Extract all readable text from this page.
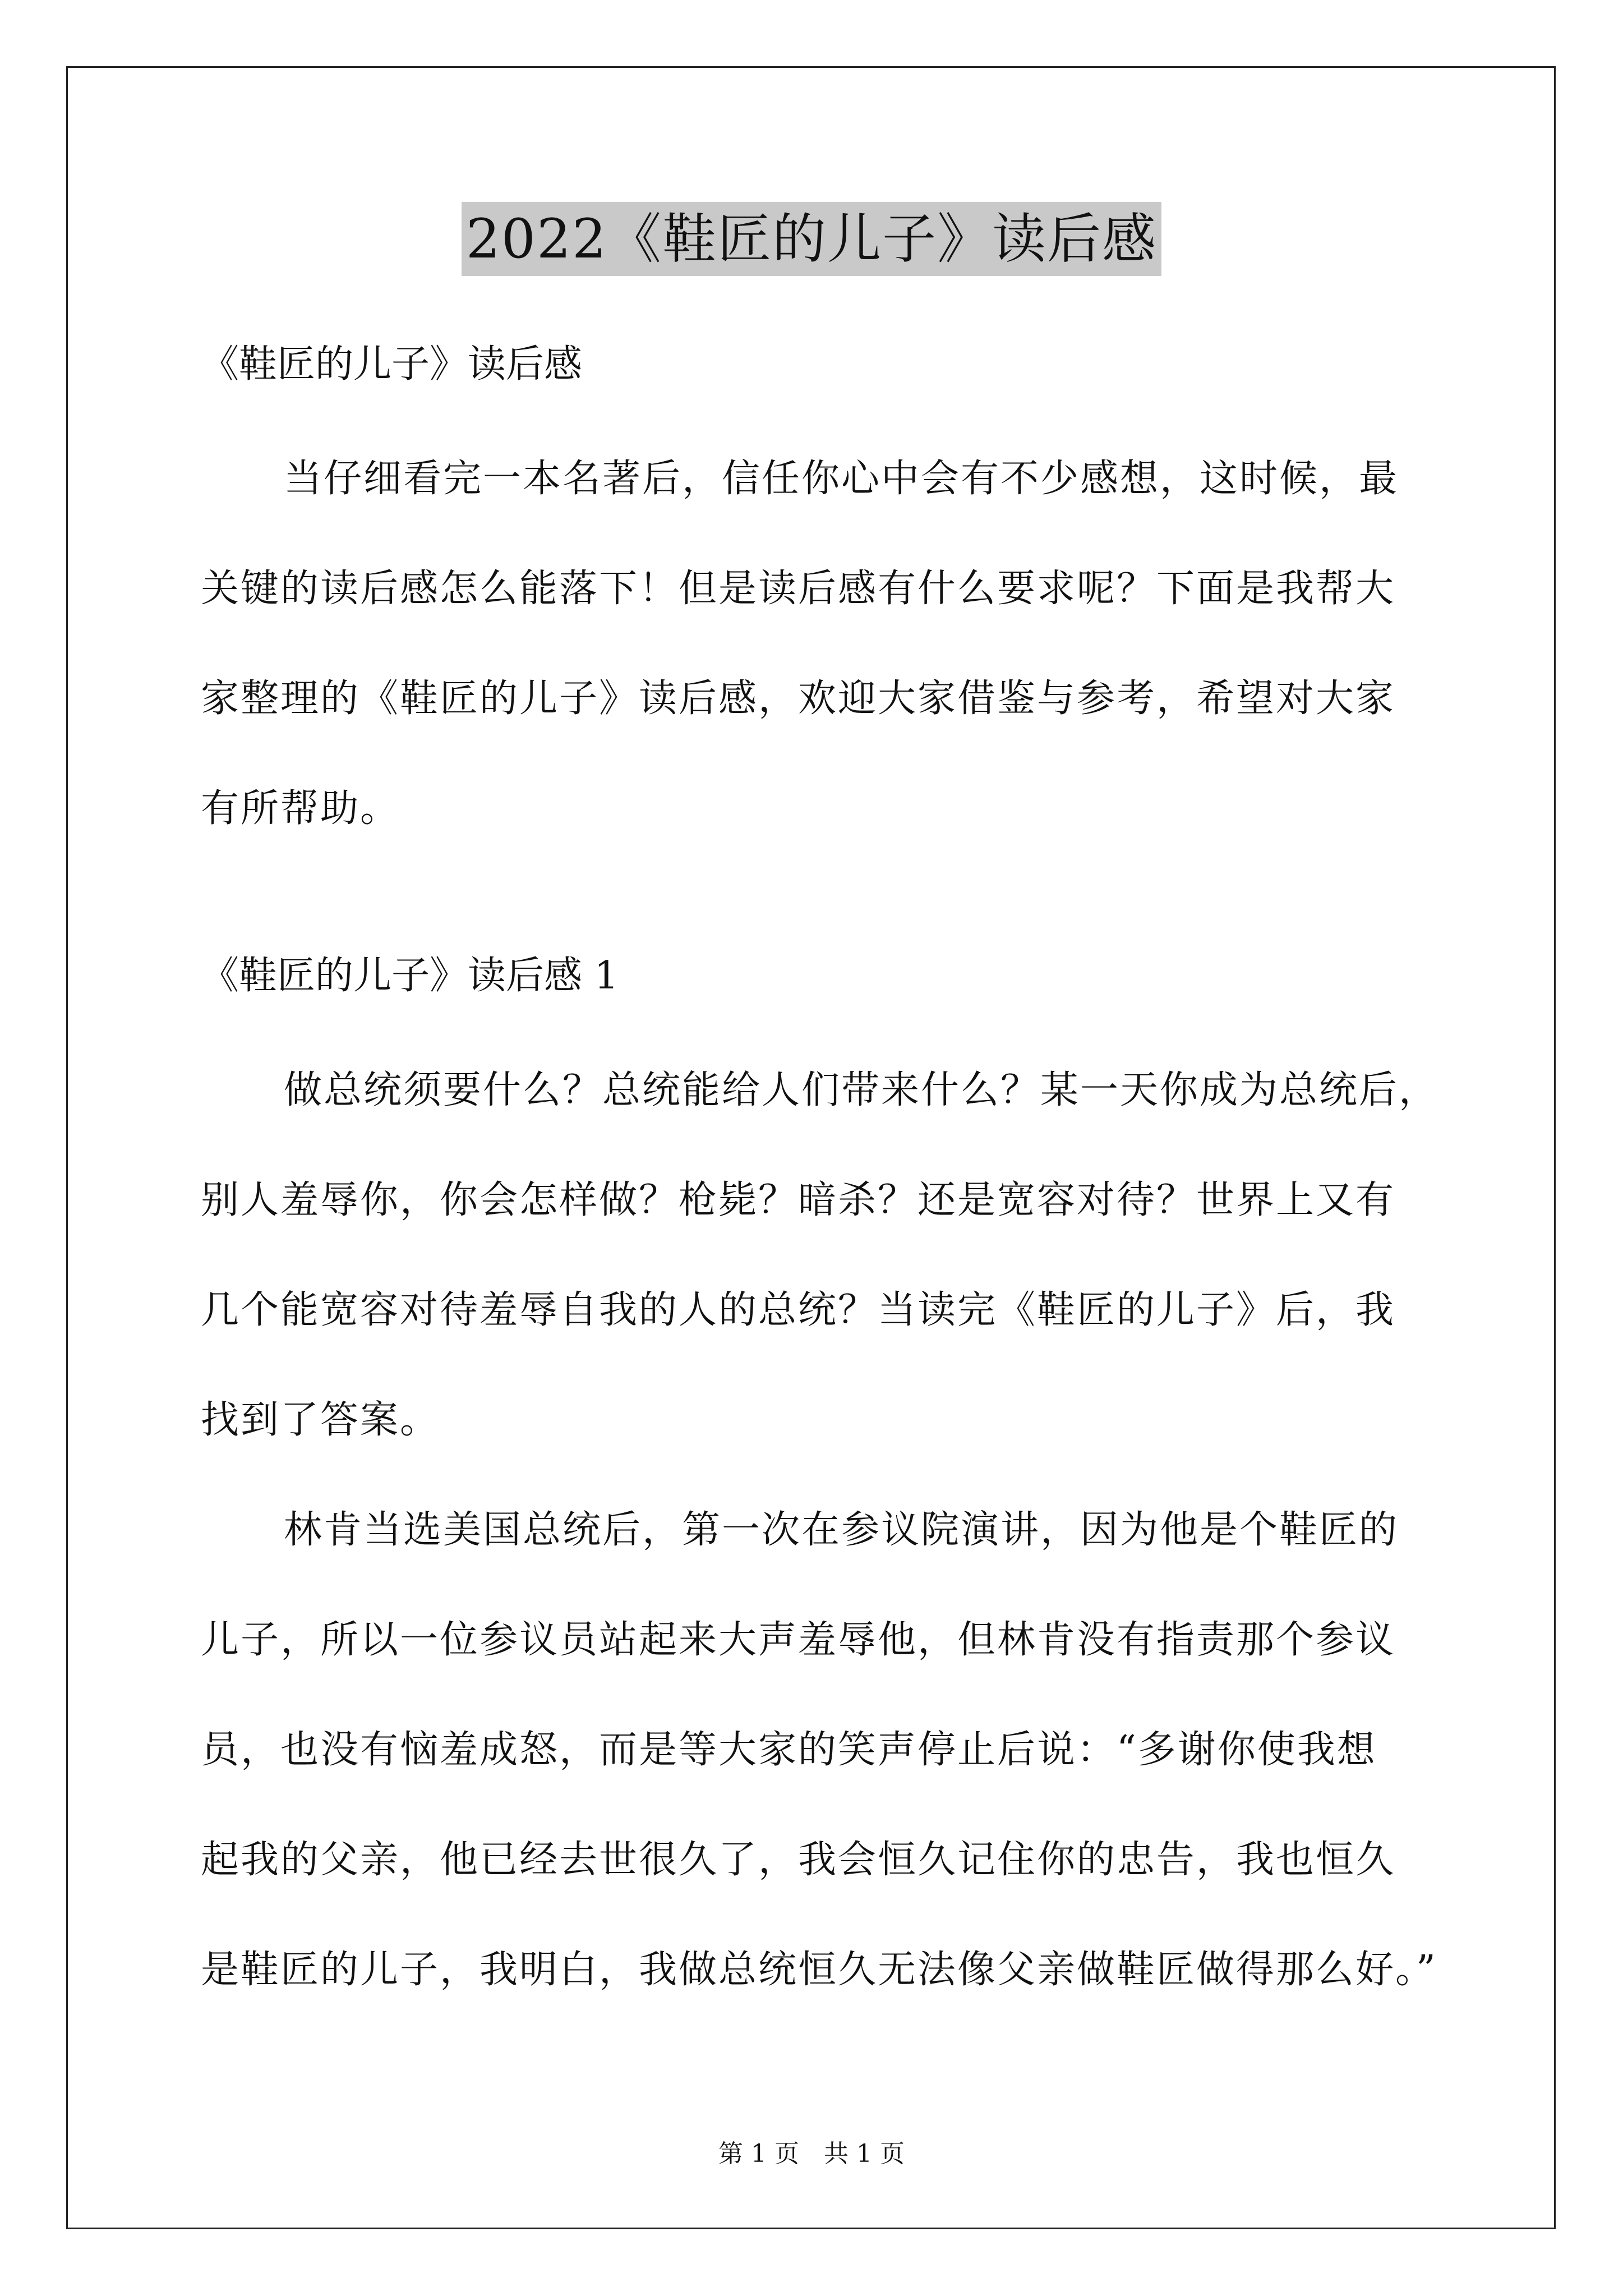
2022《鞋匠的儿子》读后感

《鞋匠的儿子》读后感

当仔细看完一本名著后，信任你心中会有不少感想，这时候，最
关键的读后感怎么能落下！但是读后感有什么要求呢？下面是我帮大
家整理的《鞋匠的儿子》读后感，欢迎大家借鉴与参考，希望对大家
有所帮助。

《鞋匠的儿子》读后感 1

做总统须要什么？总统能给人们带来什么？某一天你成为总统后，
别人羞辱你，你会怎样做？枪毙？暗杀？还是宽容对待？世界上又有
几个能宽容对待羞辱自我的人的总统？当读完《鞋匠的儿子》后，我
找到了答案。

林肯当选美国总统后，第一次在参议院演讲，因为他是个鞋匠的
儿子，所以一位参议员站起来大声羞辱他，但林肯没有指责那个参议
员，也没有恼羞成怒，而是等大家的笑声停止后说：“多谢你使我想
起我的父亲，他已经去世很久了，我会恒久记住你的忠告，我也恒久
是鞋匠的儿子，我明白，我做总统恒久无法像父亲做鞋匠做得那么好。”

第 1 页　共 1 页
